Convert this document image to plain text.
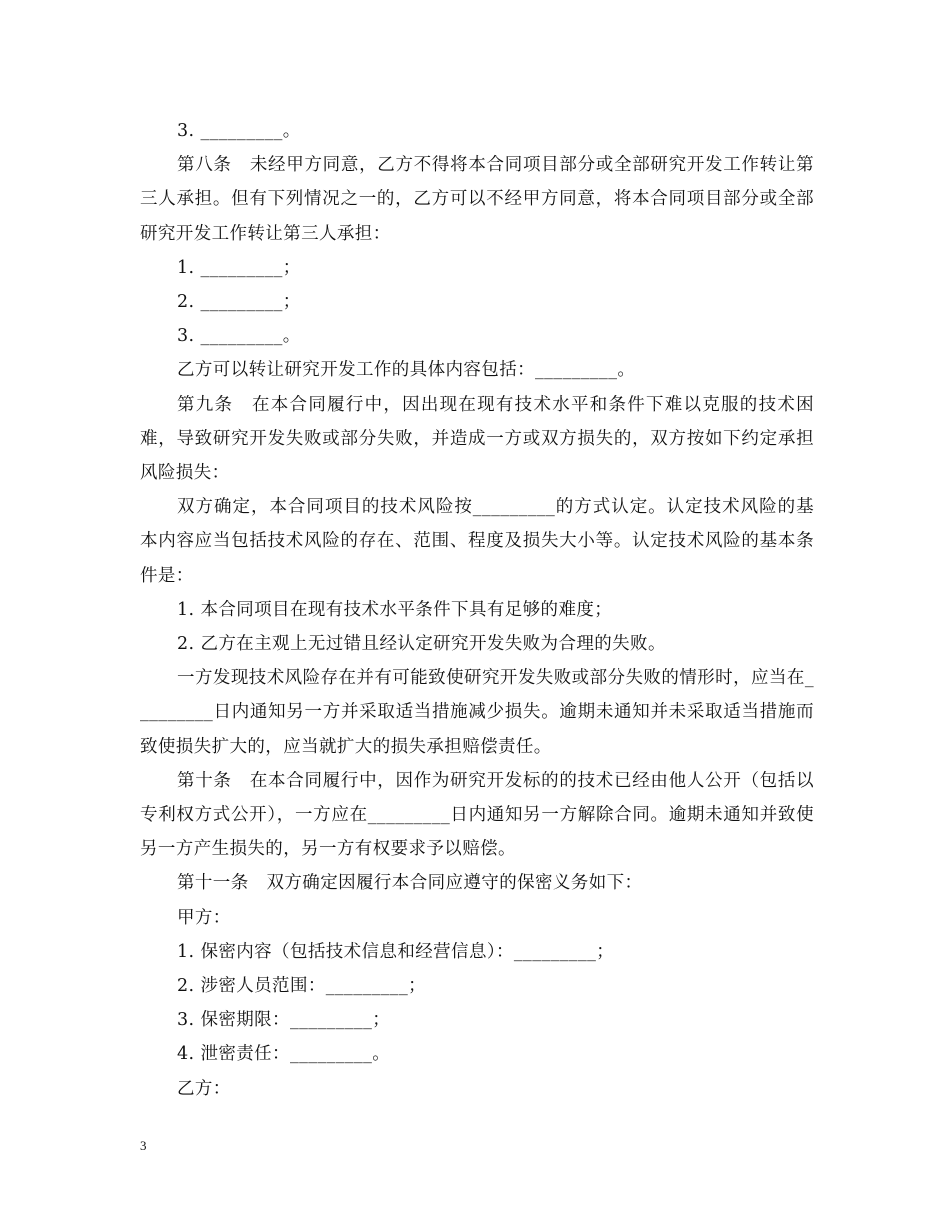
3. _________。

第八条　未经甲方同意，乙方不得将本合同项目部分或全部研究开发工作转让第三人承担。但有下列情况之一的，乙方可以不经甲方同意，将本合同项目部分或全部研究开发工作转让第三人承担：

1. _________；

2. _________；

3. _________。

乙方可以转让研究开发工作的具体内容包括：_________。

第九条　在本合同履行中，因出现在现有技术水平和条件下难以克服的技术困难，导致研究开发失败或部分失败，并造成一方或双方损失的，双方按如下约定承担风险损失：

双方确定，本合同项目的技术风险按_________的方式认定。认定技术风险的基本内容应当包括技术风险的存在、范围、程度及损失大小等。认定技术风险的基本条件是：

1. 本合同项目在现有技术水平条件下具有足够的难度；

2. 乙方在主观上无过错且经认定研究开发失败为合理的失败。

一方发现技术风险存在并有可能致使研究开发失败或部分失败的情形时，应当在_________日内通知另一方并采取适当措施减少损失。逾期未通知并未采取适当措施而致使损失扩大的，应当就扩大的损失承担赔偿责任。

第十条　在本合同履行中，因作为研究开发标的的技术已经由他人公开（包括以专利权方式公开），一方应在_________日内通知另一方解除合同。逾期未通知并致使另一方产生损失的，另一方有权要求予以赔偿。

第十一条　双方确定因履行本合同应遵守的保密义务如下：

甲方：

1. 保密内容（包括技术信息和经营信息）：_________；

2. 涉密人员范围：_________；

3. 保密期限：_________；

4. 泄密责任：_________。

乙方：

3
